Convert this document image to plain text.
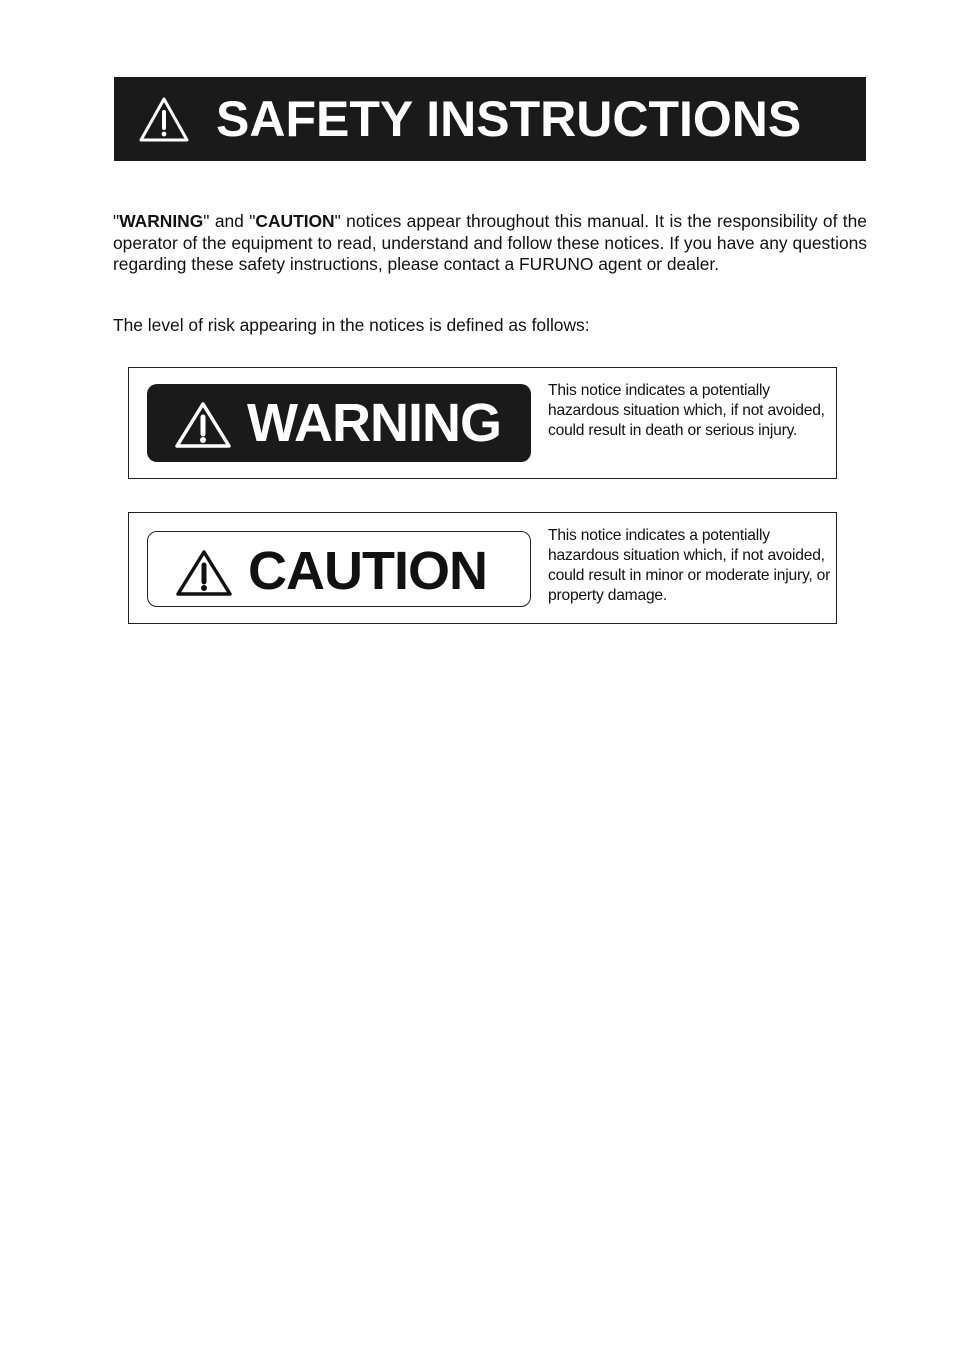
SAFETY INSTRUCTIONS

"WARNING" and "CAUTION" notices appear throughout this manual. It is the responsibility of the operator of the equipment to read, understand and follow these notices. If you have any questions regarding these safety instructions, please contact a FURUNO agent or dealer.

The level of risk appearing in the notices is defined as follows:

WARNING

This notice indicates a potentially hazardous situation which, if not avoided, could result in death or serious injury.

CAUTION

This notice indicates a potentially hazardous situation which, if not avoided, could result in minor or moderate injury, or property damage.
